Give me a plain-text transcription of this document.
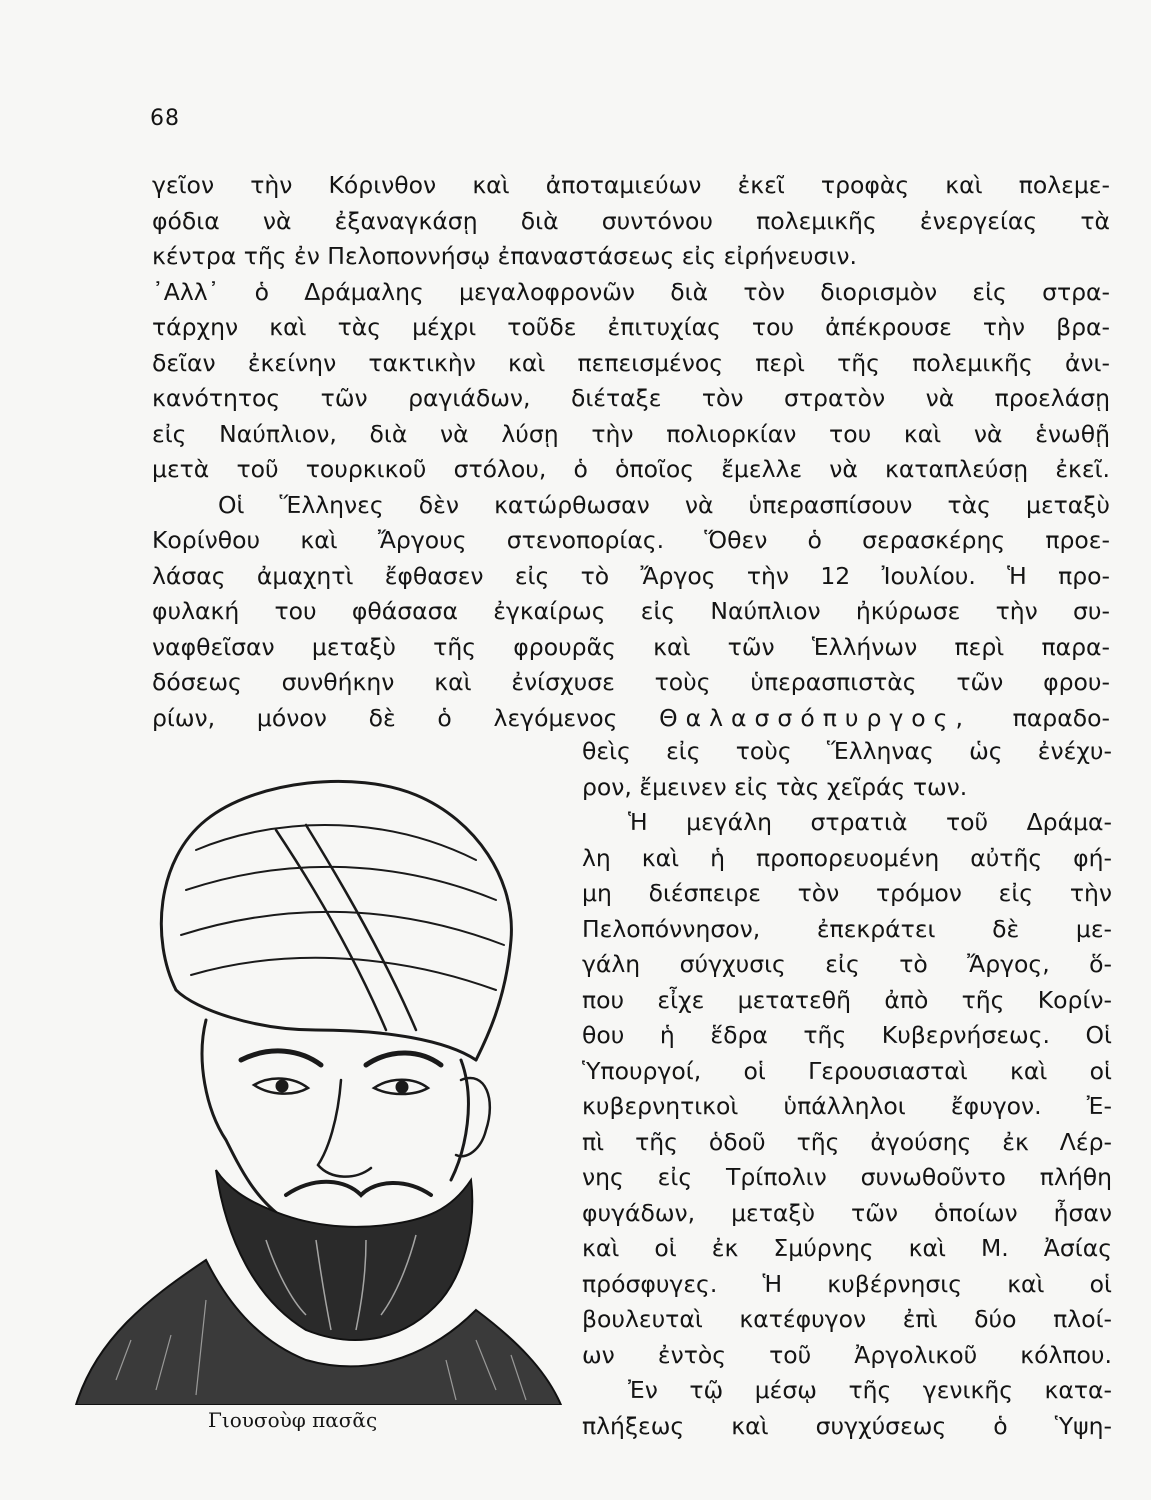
68
γεῖον τὴν Κόρινθον καὶ ἀποταμιεύων ἐκεῖ τροφὰς καὶ πολεμε-
φόδια νὰ ἐξαναγκάσῃ διὰ συντόνου πολεμικῆς ἐνεργείας τὰ
κέντρα τῆς ἐν Πελοποννήσῳ ἐπαναστάσεως εἰς εἰρήνευσιν.
᾿Αλλ᾿ ὁ Δράμαλης μεγαλοφρονῶν διὰ τὸν διορισμὸν εἰς στρα-
τάρχην καὶ τὰς μέχρι τοῦδε ἐπιτυχίας του ἀπέκρουσε τὴν βρα-
δεῖαν ἐκείνην τακτικὴν καὶ πεπεισμένος περὶ τῆς πολεμικῆς ἀνι-
κανότητος τῶν ραγιάδων, διέταξε τὸν στρατὸν νὰ προελάσῃ
εἰς Ναύπλιον, διὰ νὰ λύσῃ τὴν πολιορκίαν του καὶ νὰ ἑνωθῇ
μετὰ τοῦ τουρκικοῦ στόλου, ὁ ὁποῖος ἔμελλε νὰ καταπλεύσῃ ἐκεῖ.
Οἱ Ἕλληνες δὲν κατώρθωσαν νὰ ὑπερασπίσουν τὰς μεταξὺ
Κορίνθου καὶ Ἄργους στενοπορίας. Ὅθεν ὁ σερασκέρης προε-
λάσας ἀμαχητὶ ἔφθασεν εἰς τὸ Ἄργος τὴν 12 Ἰουλίου. Ἡ προ-
φυλακή του φθάσασα ἐγκαίρως εἰς Ναύπλιον ἠκύρωσε τὴν συ-
ναφθεῖσαν μεταξὺ τῆς φρουρᾶς καὶ τῶν Ἑλλήνων περὶ παρα-
δόσεως συνθήκην καὶ ἐνίσχυσε τοὺς ὑπερασπιστὰς τῶν φρου-
ρίων, μόνον δὲ ὁ λεγόμενος Θαλασσόπυργος, παραδο-
Γιουσοὺφ πασᾶς
θεὶς εἰς τοὺς Ἕλληνας ὡς ἐνέχυ-
ρον, ἔμεινεν εἰς τὰς χεῖράς των.
Ἡ μεγάλη στρατιὰ τοῦ Δράμα-
λη καὶ ἡ προπορευομένη αὐτῆς φή-
μη διέσπειρε τὸν τρόμον εἰς τὴν
Πελοπόννησον, ἐπεκράτει δὲ με-
γάλη σύγχυσις εἰς τὸ Ἄργος, ὅ-
που εἶχε μετατεθῆ ἀπὸ τῆς Κορίν-
θου ἡ ἕδρα τῆς Κυβερνήσεως. Οἱ
Ὑπουργοί, οἱ Γερουσιασταὶ καὶ οἱ
κυβερνητικοὶ ὑπάλληλοι ἔφυγον. Ἐ-
πὶ τῆς ὁδοῦ τῆς ἀγούσης ἐκ Λέρ-
νης εἰς Τρίπολιν συνωθοῦντο πλήθη
φυγάδων, μεταξὺ τῶν ὁποίων ἦσαν
καὶ οἱ ἐκ Σμύρνης καὶ Μ. Ἀσίας
πρόσφυγες. Ἡ κυβέρνησις καὶ οἱ
βουλευταὶ κατέφυγον ἐπὶ δύο πλοί-
ων ἐντὸς τοῦ Ἀργολικοῦ κόλπου.
Ἐν τῷ μέσῳ τῆς γενικῆς κατα-
πλήξεως καὶ συγχύσεως ὁ Ὑψη-
